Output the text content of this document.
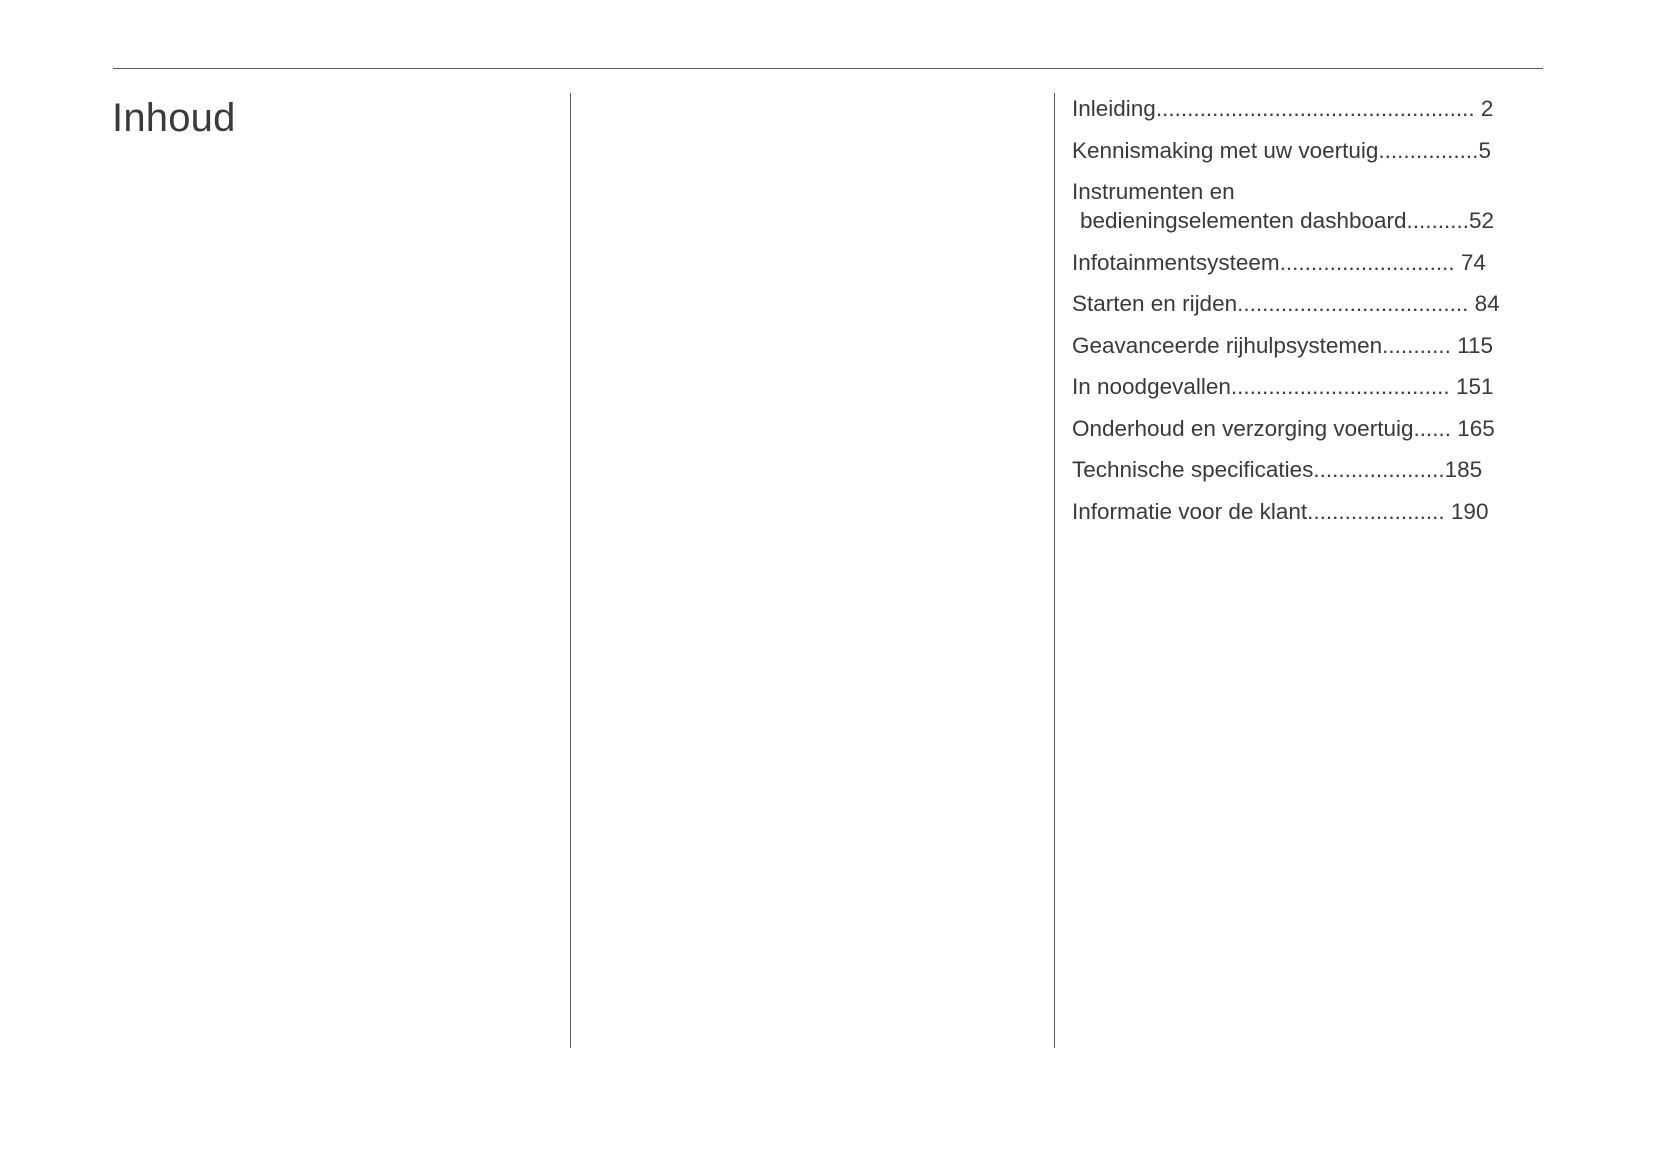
Inhoud	Inleiding................................................... 2
Kennismaking met uw voertuig................5
Instrumenten en
bedieningselementen dashboard..........52
Infotainmentsysteem............................ 74
Starten en rijden..................................... 84
Geavanceerde rijhulpsystemen........... 115
In noodgevallen................................... 151
Onderhoud en verzorging voertuig...... 165
Technische specificaties.....................185
Informatie voor de klant...................... 190
